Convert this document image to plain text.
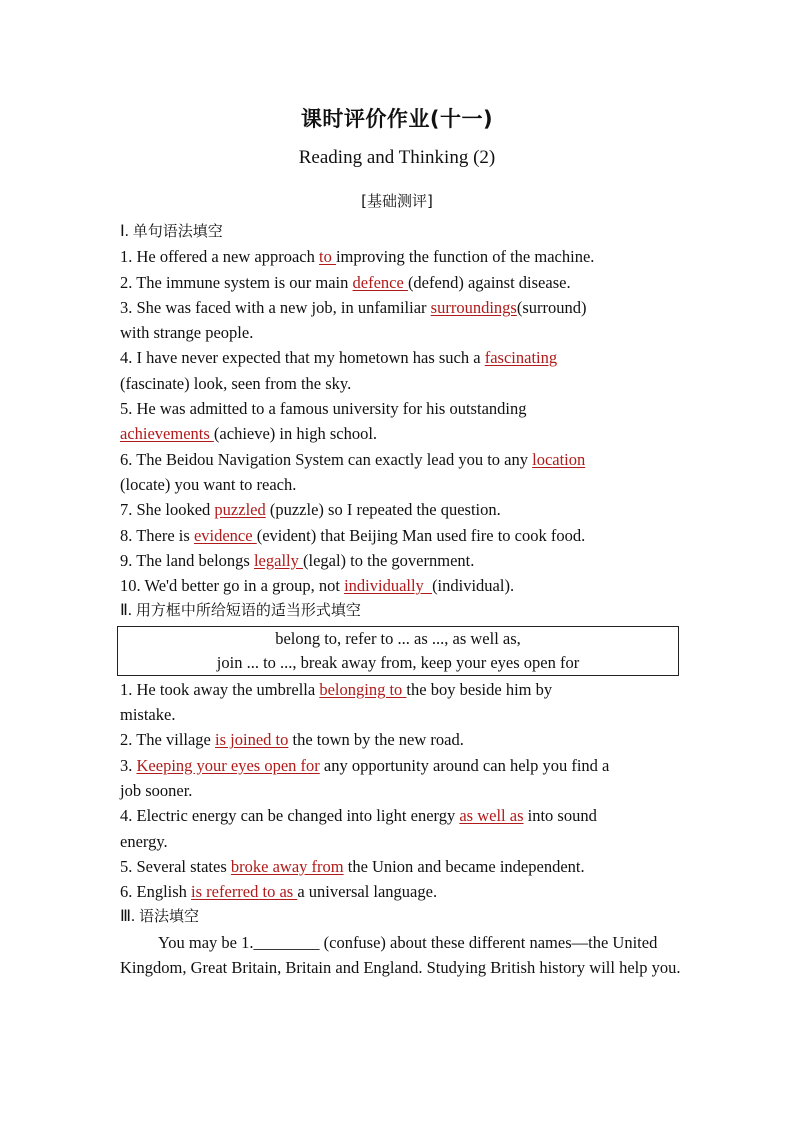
课时评价作业(十一)
Reading and Thinking (2)
[基础测评]
Ⅰ. 单句语法填空
1. He offered a new approach to improving the function of the machine.
2. The immune system is our main defence (defend) against disease.
3. She was faced with a new job, in unfamiliar surroundings(surround)
with strange people.
4. I have never expected that my hometown has such a fascinating
(fascinate) look, seen from the sky.
5. He was admitted to a famous university for his outstanding
achievements (achieve) in high school.
6. The Beidou Navigation System can exactly lead you to any location
(locate) you want to reach.
7. She looked puzzled (puzzle) so I repeated the question.
8. There is evidence (evident) that Beijing Man used fire to cook food.
9. The land belongs legally (legal) to the government.
10. We'd better go in a group, not individually  (individual).
Ⅱ. 用方框中所给短语的适当形式填空
belong to, refer to ... as ..., as well as,
join ... to ..., break away from, keep your eyes open for
1. He took away the umbrella belonging to the boy beside him by
mistake.
2. The village is joined to the town by the new road.
3. Keeping your eyes open for any opportunity around can help you find a
job sooner.
4. Electric energy can be changed into light energy as well as into sound
energy.
5. Several states broke away from the Union and became independent.
6. English is referred to as a universal language.
Ⅲ. 语法填空
You may be 1.________ (confuse) about these different names—the United Kingdom, Great Britain, Britain and England. Studying British history will help you.
